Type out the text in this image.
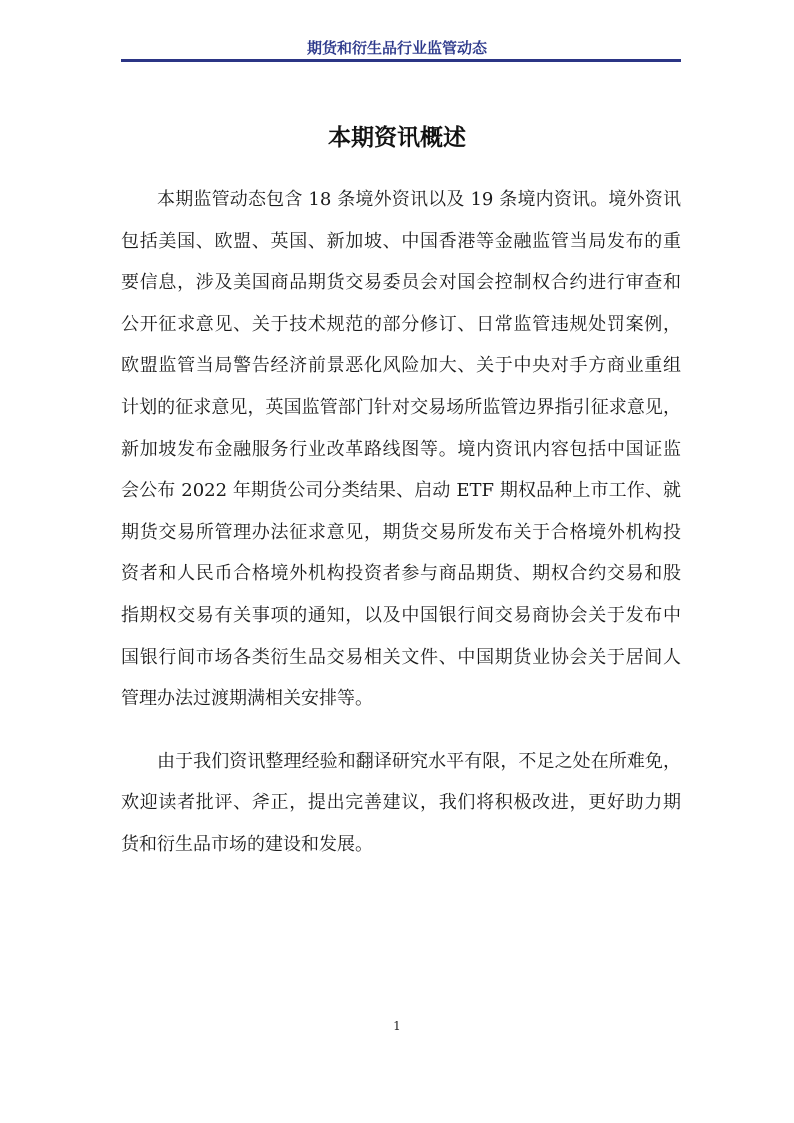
期货和衍生品行业监管动态
本期资讯概述
本期监管动态包含 18 条境外资讯以及 19 条境内资讯。境外资讯
包括美国、欧盟、英国、新加坡、中国香港等金融监管当局发布的重
要信息，涉及美国商品期货交易委员会对国会控制权合约进行审查和
公开征求意见、关于技术规范的部分修订、日常监管违规处罚案例，
欧盟监管当局警告经济前景恶化风险加大、关于中央对手方商业重组
计划的征求意见，英国监管部门针对交易场所监管边界指引征求意见，
新加坡发布金融服务行业改革路线图等。境内资讯内容包括中国证监
会公布 2022 年期货公司分类结果、启动 ETF 期权品种上市工作、就
期货交易所管理办法征求意见，期货交易所发布关于合格境外机构投
资者和人民币合格境外机构投资者参与商品期货、期权合约交易和股
指期权交易有关事项的通知，以及中国银行间交易商协会关于发布中
国银行间市场各类衍生品交易相关文件、中国期货业协会关于居间人
管理办法过渡期满相关安排等。
由于我们资讯整理经验和翻译研究水平有限，不足之处在所难免，
欢迎读者批评、斧正，提出完善建议，我们将积极改进，更好助力期
货和衍生品市场的建设和发展。
1
